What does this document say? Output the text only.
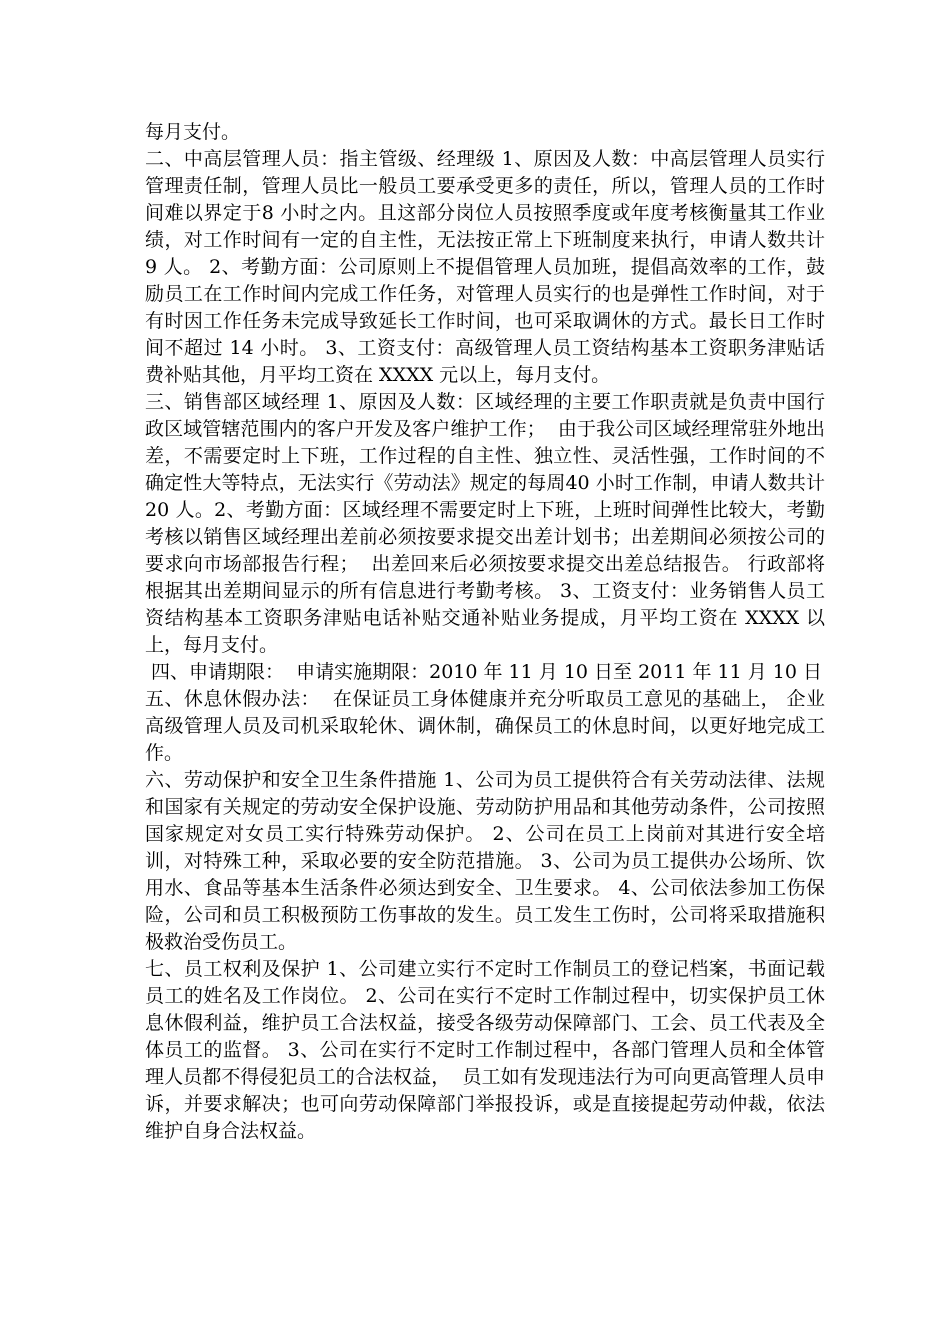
每月支付。

二、中高层管理人员：指主管级、经理级 1、原因及人数：中高层管理人员实行管理责任制，管理人员比一般员工要承受更多的责任，所以，管理人员的工作时间难以界定于8 小时之内。且这部分岗位人员按照季度或年度考核衡量其工作业绩，对工作时间有一定的自主性，无法按正常上下班制度来执行，申请人数共计 9 人。 2、考勤方面：公司原则上不提倡管理人员加班，提倡高效率的工作，鼓励员工在工作时间内完成工作任务，对管理人员实行的也是弹性工作时间，对于有时因工作任务未完成导致延长工作时间，也可采取调休的方式。最长日工作时间不超过 14 小时。 3、工资支付：高级管理人员工资结构基本工资职务津贴话费补贴其他，月平均工资在 XXXX 元以上，每月支付。

三、销售部区域经理 1、原因及人数：区域经理的主要工作职责就是负责中国行政区域管辖范围内的客户开发及客户维护工作；  由于我公司区域经理常驻外地出差，不需要定时上下班，工作过程的自主性、独立性、灵活性强，工作时间的不确定性大等特点，无法实行《劳动法》规定的每周40 小时工作制，申请人数共计 20 人。2、考勤方面：区域经理不需要定时上下班，上班时间弹性比较大，考勤考核以销售区域经理出差前必须按要求提交出差计划书；出差期间必须按公司的要求向市场部报告行程；  出差回来后必须按要求提交出差总结报告。 行政部将根据其出差期间显示的所有信息进行考勤考核。 3、工资支付：业务销售人员工资结构基本工资职务津贴电话补贴交通补贴业务提成，月平均工资在 XXXX 以上，每月支付。

四、申请期限：  申请实施期限：2010 年 11 月 10 日至 2011 年 11 月 10 日

五、休息休假办法：  在保证员工身体健康并充分听取员工意见的基础上， 企业高级管理人员及司机采取轮休、调休制，确保员工的休息时间，以更好地完成工作。

六、劳动保护和安全卫生条件措施 1、公司为员工提供符合有关劳动法律、法规和国家有关规定的劳动安全保护设施、劳动防护用品和其他劳动条件，公司按照国家规定对女员工实行特殊劳动保护。 2、公司在员工上岗前对其进行安全培训，对特殊工种，采取必要的安全防范措施。 3、公司为员工提供办公场所、饮用水、食品等基本生活条件必须达到安全、卫生要求。 4、公司依法参加工伤保险，公司和员工积极预防工伤事故的发生。员工发生工伤时，公司将采取措施积极救治受伤员工。

七、员工权利及保护 1、公司建立实行不定时工作制员工的登记档案，书面记载员工的姓名及工作岗位。 2、公司在实行不定时工作制过程中，切实保护员工休息休假利益，维护员工合法权益，接受各级劳动保障部门、工会、员工代表及全体员工的监督。 3、公司在实行不定时工作制过程中，各部门管理人员和全体管理人员都不得侵犯员工的合法权益，  员工如有发现违法行为可向更高管理人员申诉，并要求解决；也可向劳动保障部门举报投诉，或是直接提起劳动仲裁，依法维护自身合法权益。
